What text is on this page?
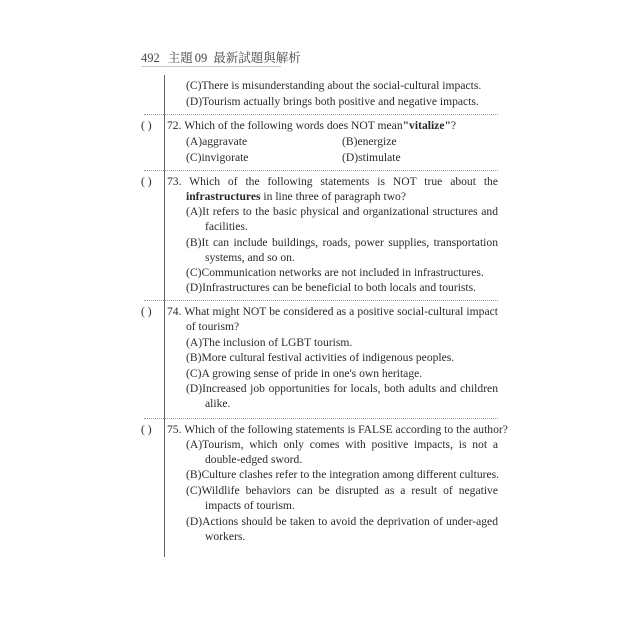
492 主題 09 最新試題與解析
(C)There is misunderstanding about the social-cultural impacts.
(D)Tourism actually brings both positive and negative impacts.
( ) 72. Which of the following words does NOT mean"vitalize"?
(A)aggravate	(B)energize
(C)invigorate	(D)stimulate
( ) 73. Which of the following statements is NOT true about the
infrastructures in line three of paragraph two?
(A)It refers to the basic physical and organizational structures and
facilities.
(B)It can include buildings, roads, power supplies, transportation
systems, and so on.
(C)Communication networks are not included in infrastructures.
(D)Infrastructures can be beneficial to both locals and tourists.
( ) 74. What might NOT be considered as a positive social-cultural impact
of tourism?
(A)The inclusion of LGBT tourism.
(B)More cultural festival activities of indigenous peoples.
(C)A growing sense of pride in one's own heritage.
(D)Increased job opportunities for locals, both adults and children
alike.
( ) 75. Which of the following statements is FALSE according to the author?
(A)Tourism, which only comes with positive impacts, is not a
double-edged sword.
(B)Culture clashes refer to the integration among different cultures.
(C)Wildlife behaviors can be disrupted as a result of negative
impacts of tourism.
(D)Actions should be taken to avoid the deprivation of under-aged
workers.
